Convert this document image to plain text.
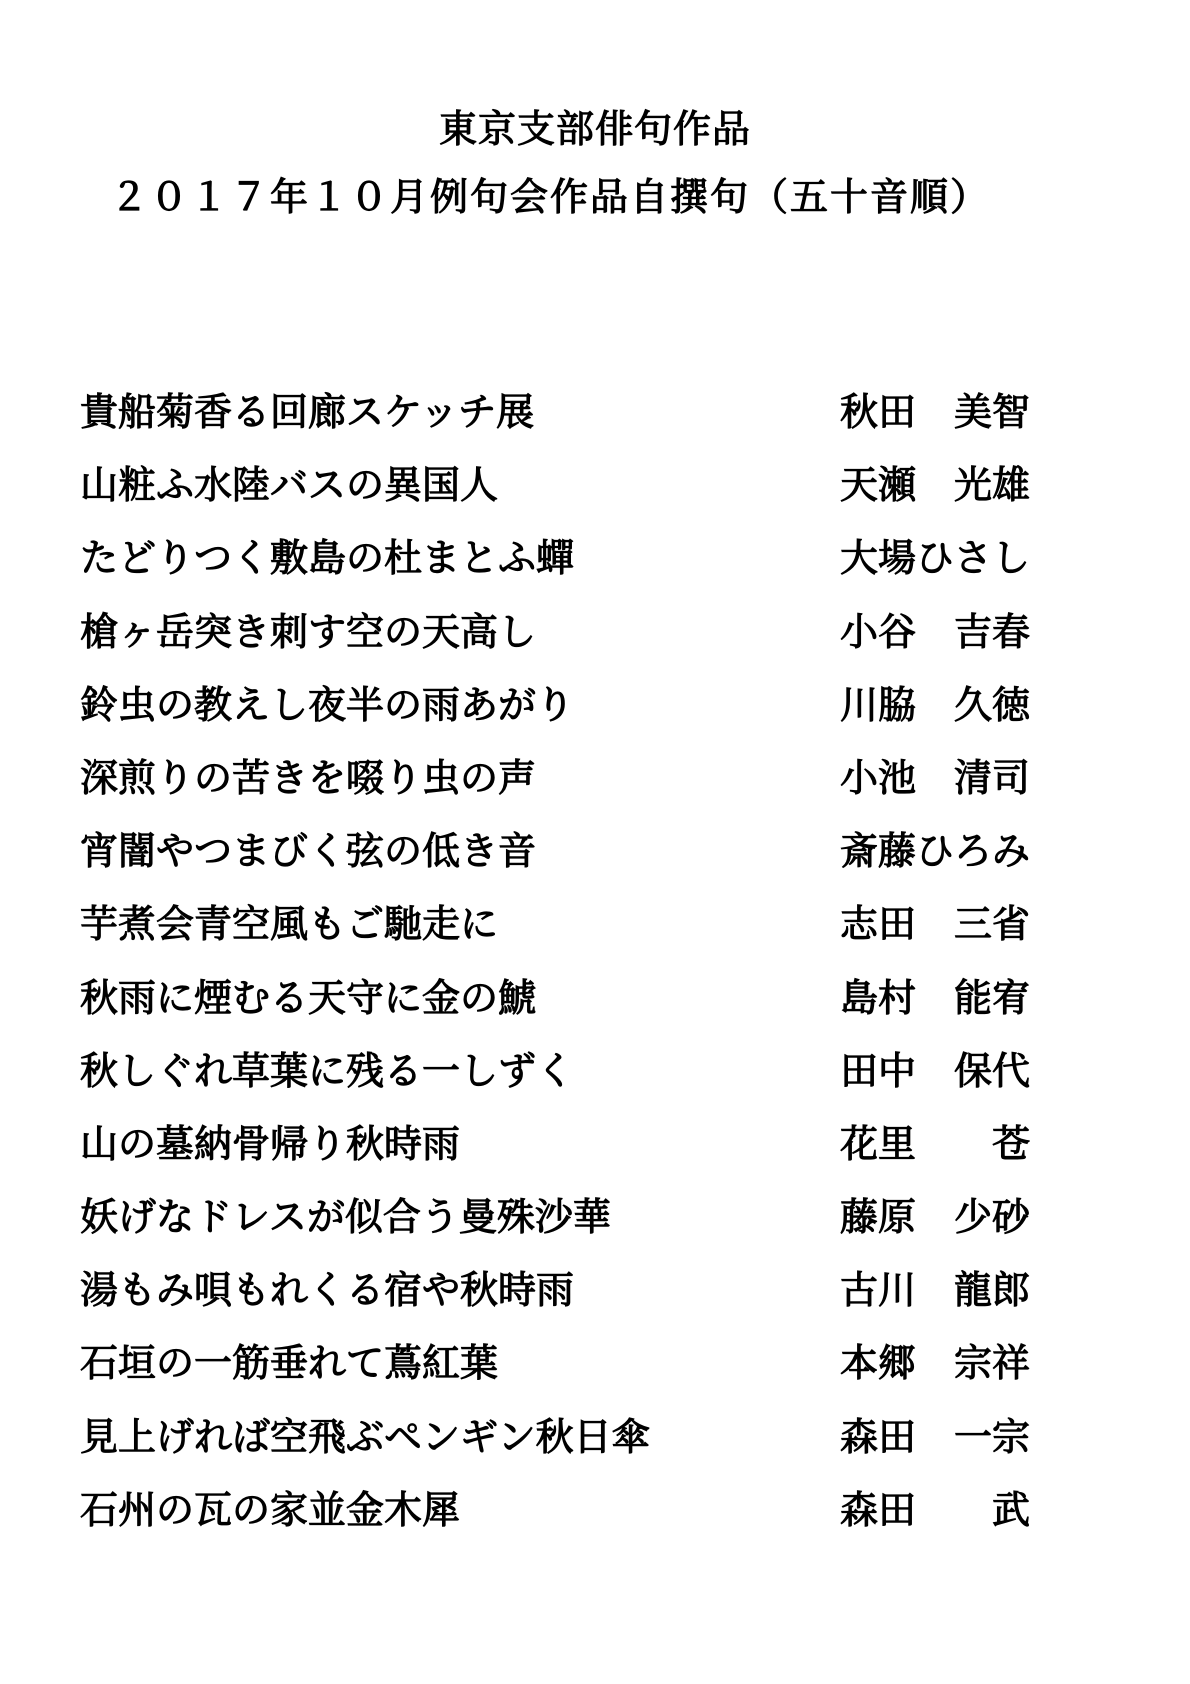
東京支部俳句作品
２０１７年１０月例句会作品自撰句（五十音順）
貴船菊香る回廊スケッチ展	秋田　美智
山粧ふ水陸バスの異国人	天瀬　光雄
たどりつく敷島の杜まとふ蟬	大場ひさし
槍ヶ岳突き刺す空の天高し	小谷　吉春
鈴虫の教えし夜半の雨あがり	川脇　久徳
深煎りの苦きを啜り虫の声	小池　清司
宵闇やつまびく弦の低き音	斎藤ひろみ
芋煮会青空風もご馳走に	志田　三省
秋雨に煙むる天守に金の鯱	島村　能宥
秋しぐれ草葉に残る一しずく	田中　保代
山の墓納骨帰り秋時雨	花里　　苍
妖げなドレスが似合う曼殊沙華	藤原　少砂
湯もみ唄もれくる宿や秋時雨	古川　龍郎
石垣の一筋垂れて蔦紅葉	本郷　宗祥
見上げれば空飛ぶペンギン秋日傘	森田　一宗
石州の瓦の家並金木犀	森田　　武
